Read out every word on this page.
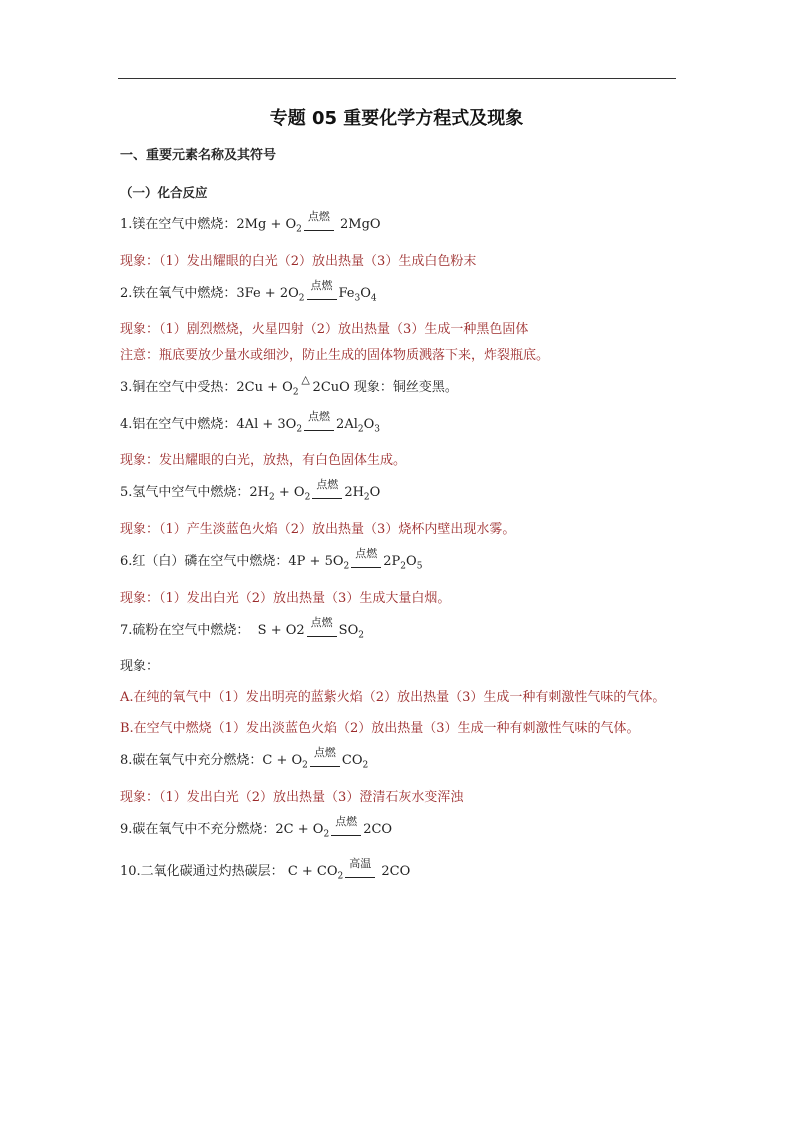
专题 05 重要化学方程式及现象
一、重要元素名称及其符号
（一）化合反应
1.镁在空气中燃烧：$2Mg + O_2^{点燃}$ 2MgO
现象：（1）发出耀眼的白光（2）放出热量（3）生成白色粉末
2.铁在氧气中燃烧：$3Fe + 2O_2^{点燃}Fe_3O_4$
现象：（1）剧烈燃烧，火星四射（2）放出热量（3）生成一种黑色固体
注意：瓶底要放少量水或细沙，防止生成的固体物质溅落下来，炸裂瓶底。
3.铜在空气中受热：$2Cu + O_2^\triangle 2CuO$ 现象：铜丝变黑。
4.铝在空气中燃烧：$4Al + 3O_2^{点燃}2Al_2O_3$
现象：发出耀眼的白光，放热，有白色固体生成。
5.氢气中空气中燃烧：$2H_2 + O_2^{点燃}2H_2O$
现象：（1）产生淡蓝色火焰（2）放出热量（3）烧杯内壁出现水雾。
6.红（白）磷在空气中燃烧：$4P + 5O_2^{点燃}2P_2O_5$
现象：（1）发出白光（2）放出热量（3）生成大量白烟。
7.硫粉在空气中燃烧：  $S + O2^{点燃}SO_2$
现象：
A.在纯的氧气中（1）发出明亮的蓝紫火焰（2）放出热量（3）生成一种有刺激性气味的气体。
B.在空气中燃烧（1）发出淡蓝色火焰（2）放出热量（3）生成一种有刺激性气味的气体。
8.碳在氧气中充分燃烧：$C + O_2^{点燃}CO_2$
现象：（1）发出白光（2）放出热量（3）澄清石灰水变浑浊
9.碳在氧气中不充分燃烧：$2C + O_2^{点燃}2CO$
10.二氧化碳通过灼热碳层： $C + CO_2^{高温}$ 2CO
